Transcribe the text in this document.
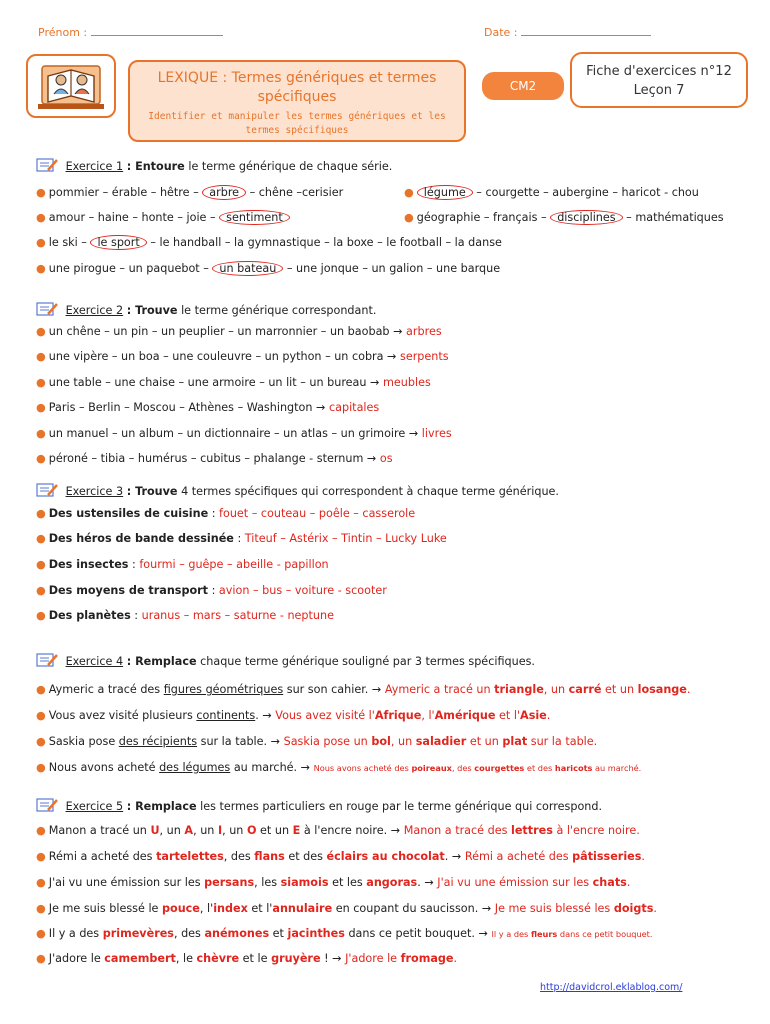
Prénom :	Date :
LEXIQUE : Termes génériques et termes spécifiques
Identifier et manipuler les termes génériques et les termes spécifiques
CM2
Fiche d'exercices n°12
Leçon 7
Exercice 1 : Entoure le terme générique de chaque série.
● pommier – érable – hêtre – arbre – chêne –cerisier	● légume – courgette – aubergine – haricot - chou
● amour – haine – honte – joie – sentiment	● géographie – français – disciplines – mathématiques
● le ski – le sport – le handball – la gymnastique – la boxe – le football – la danse
● une pirogue – un paquebot – un bateau – une jonque – un galion – une barque
Exercice 2 : Trouve le terme générique correspondant.
● un chêne – un pin – un peuplier – un marronnier – un baobab → arbres
● une vipère – un boa – une couleuvre – un python – un cobra → serpents
● une table – une chaise – une armoire – un lit – un bureau → meubles
● Paris – Berlin – Moscou – Athènes – Washington → capitales
● un manuel – un album – un dictionnaire – un atlas – un grimoire → livres
● péroné – tibia – humérus – cubitus – phalange - sternum → os
Exercice 3 : Trouve 4 termes spécifiques qui correspondent à chaque terme générique.
● Des ustensiles de cuisine : fouet – couteau – poêle – casserole
● Des héros de bande dessinée : Titeuf – Astérix – Tintin – Lucky Luke
● Des insectes : fourmi – guêpe – abeille - papillon
● Des moyens de transport : avion – bus – voiture - scooter
● Des planètes : uranus – mars – saturne - neptune
Exercice 4 : Remplace chaque terme générique souligné par 3 termes spécifiques.
● Aymeric a tracé des figures géométriques sur son cahier. → Aymeric a tracé un triangle, un carré et un losange.
● Vous avez visité plusieurs continents. → Vous avez visité l'Afrique, l'Amérique et l'Asie.
● Saskia pose des récipients sur la table. → Saskia pose un bol, un saladier et un plat sur la table.
● Nous avons acheté des légumes au marché. → Nous avons acheté des poireaux, des courgettes et des haricots au marché.
Exercice 5 : Remplace les termes particuliers en rouge par le terme générique qui correspond.
● Manon a tracé un U, un A, un I, un O et un E à l'encre noire. → Manon a tracé des lettres à l'encre noire.
● Rémi a acheté des tartelettes, des flans et des éclairs au chocolat. → Rémi a acheté des pâtisseries.
● J'ai vu une émission sur les persans, les siamois et les angoras. → J'ai vu une émission sur les chats.
● Je me suis blessé le pouce, l'index et l'annulaire en coupant du saucisson. → Je me suis blessé les doigts.
● Il y a des primevères, des anémones et jacinthes dans ce petit bouquet. → Il y a des fleurs dans ce petit bouquet.
● J'adore le camembert, le chèvre et le gruyère ! → J'adore le fromage.
http://davidcrol.eklablog.com/
